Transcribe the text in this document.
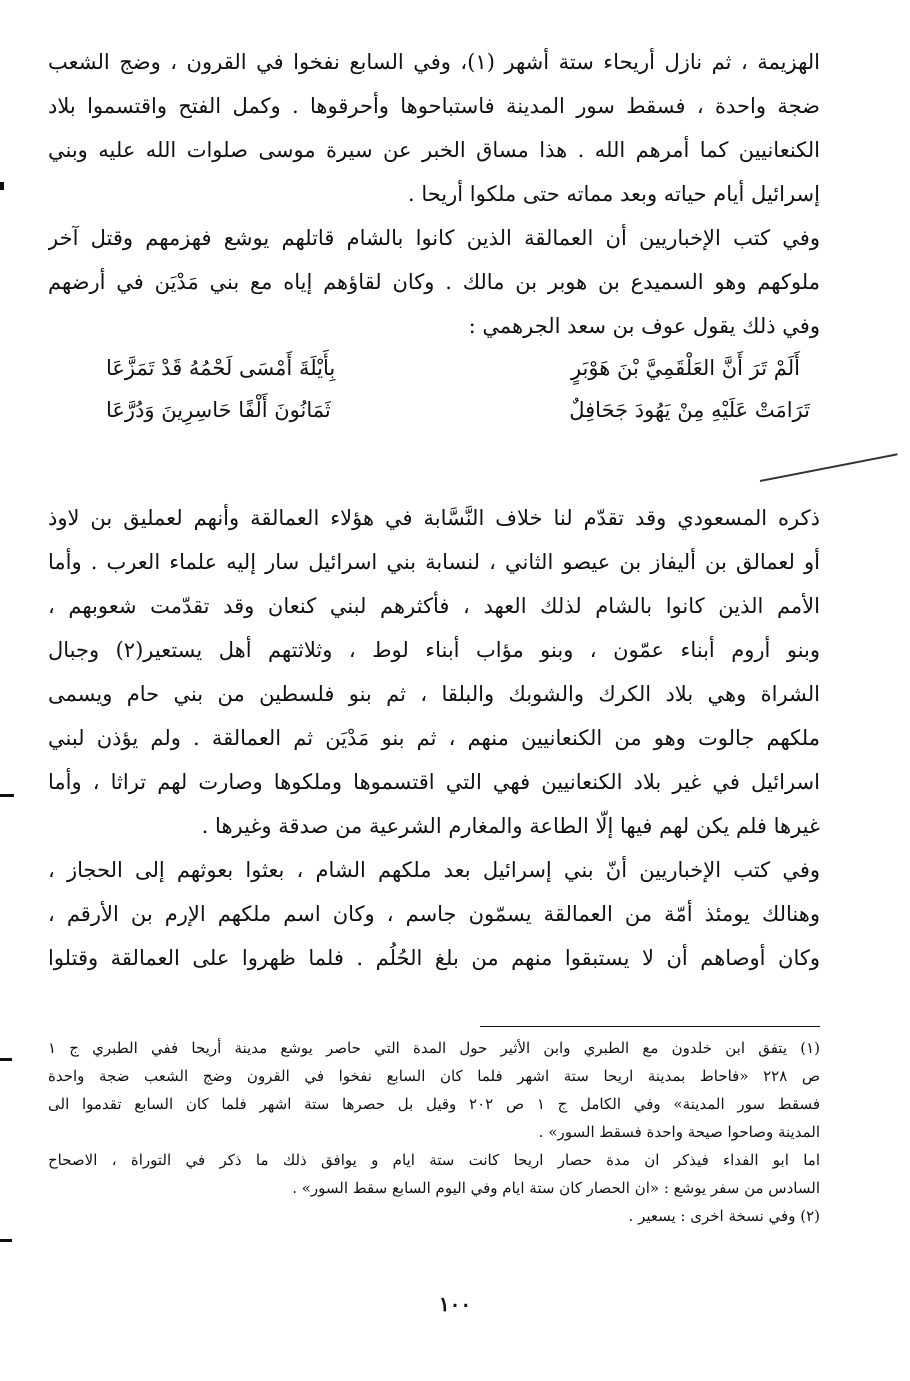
الهزيمة ، ثم نازل أريحاء ستة أشهر (١)، وفي السابع نفخوا في القرون ، وضج الشعب
ضجة واحدة ، فسقط سور المدينة فاستباحوها وأحرقوها . وكمل الفتح واقتسموا بلاد
الكنعانيين كما أمرهم الله . هذا مساق الخبر عن سيرة موسى صلوات الله عليه وبني
إسرائيل أيام حياته وبعد مماته حتى ملكوا أريحا .
وفي كتب الإخباريين أن العمالقة الذين كانوا بالشام قاتلهم يوشع فهزمهم وقتل آخر
ملوكهم وهو السميدع بن هوبر بن مالك . وكان لقاؤهم إياه مع بني مَدْيَن في أرضهم
وفي ذلك يقول عوف بن سعد الجرهمي :
أَلَمْ تَرَ أَنَّ العَلْقَمِيَّ بْنَ هَوْبَرٍ
بِأَيْلَةَ أَمْسَى لَحْمُهُ قَدْ تَمَزَّعَا
تَرَامَتْ عَلَيْهِ مِنْ يَهُودَ جَحَافِلٌ
ثَمَانُونَ أَلْفًا حَاسِرِينَ وَدُرَّعَا
ذكره المسعودي وقد تقدّم لنا خلاف النَّسَّابة في هؤلاء العمالقة وأنهم لعمليق بن لاوذ
أو لعمالق بن أليفاز بن عيصو الثاني ، لنسابة بني اسرائيل سار إليه علماء العرب . وأما
الأمم الذين كانوا بالشام لذلك العهد ، فأكثرهم لبني كنعان وقد تقدّمت شعوبهم ،
وبنو أروم أبناء عمّون ، وبنو مؤاب أبناء لوط ، وثلاثتهم أهل يستعير(٢) وجبال
الشراة وهي بلاد الكرك والشوبك والبلقا ، ثم بنو فلسطين من بني حام ويسمى
ملكهم جالوت وهو من الكنعانيين منهم ، ثم بنو مَدْيَن ثم العمالقة . ولم يؤذن لبني
اسرائيل في غير بلاد الكنعانيين فهي التي اقتسموها وملكوها وصارت لهم تراثا ، وأما
غيرها فلم يكن لهم فيها إلّا الطاعة والمغارم الشرعية من صدقة وغيرها .
وفي كتب الإخباريين أنّ بني إسرائيل بعد ملكهم الشام ، بعثوا بعوثهم إلى الحجاز ،
وهنالك يومئذ أمّة من العمالقة يسمّون جاسم ، وكان اسم ملكهم الإرم بن الأرقم ،
وكان أوصاهم أن لا يستبقوا منهم من بلغ الحُلُم . فلما ظهروا على العمالقة وقتلوا
(١) يتفق ابن خلدون مع الطبري وابن الأثير حول المدة التي حاصر يوشع مدينة أريحا ففي الطبري ج ١
ص ٢٢٨ «فاحاط بمدينة اريحا ستة اشهر فلما كان السابع نفخوا في القرون وضج الشعب ضجة واحدة
فسقط سور المدينة» وفي الكامل ج ١ ص ٢٠٢ وقيل بل حصرها ستة اشهر فلما كان السابع تقدموا الى
المدينة وصاحوا صيحة واحدة فسقط السور» .
اما ابو الفداء فيذكر ان مدة حصار اريحا كانت ستة ايام و يوافق ذلك ما ذكر في التوراة ، الاصحاح
السادس من سفر يوشع : «ان الحصار كان ستة ايام وفي اليوم السابع سقط السور» .
(٢) وفي نسخة اخرى : يسعير .
١٠٠
